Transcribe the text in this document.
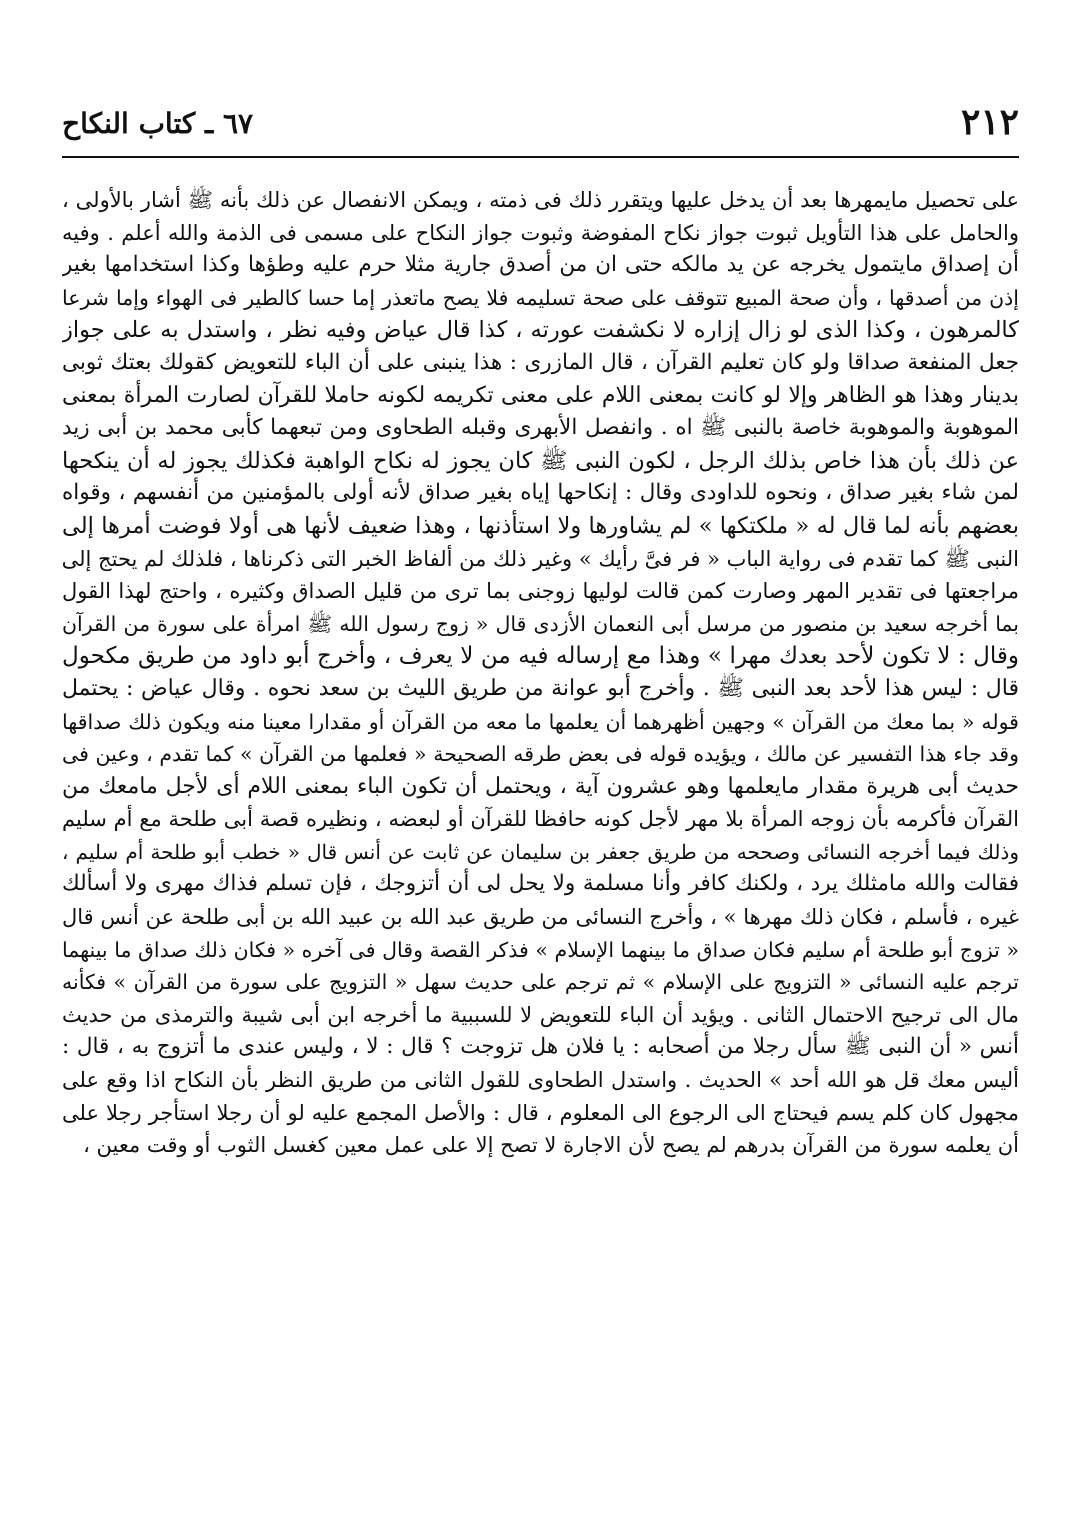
٢١٢
٦٧ ـ كتاب النكاح
على تحصيل مايمهرها بعد أن يدخل عليها ويتقرر ذلك فى ذمته ، ويمكن الانفصال عن ذلك بأنه ﷺ أشار بالأولى ،
والحامل على هذا التأويل ثبوت جواز نكاح المفوضة وثبوت جواز النكاح على مسمى فى الذمة والله أعلم . وفيه
أن إصداق مايتمول يخرجه عن يد مالكه حتى ان من أصدق جارية مثلا حرم عليه وطؤها وكذا استخدامها بغير
إذن من أصدقها ، وأن صحة المبيع تتوقف على صحة تسليمه فلا يصح ماتعذر إما حسا كالطير فى الهواء وإما شرعا
كالمرهون ، وكذا الذى لو زال إزاره لا نكشفت عورته ، كذا قال عياض وفيه نظر ، واستدل به على جواز
جعل المنفعة صداقا ولو كان تعليم القرآن ، قال المازرى : هذا ينبنى على أن الباء للتعويض كقولك بعتك ثوبى
بدينار وهذا هو الظاهر وإلا لو كانت بمعنى اللام على معنى تكريمه لكونه حاملا للقرآن لصارت المرأة بمعنى
الموهوبة والموهوبة خاصة بالنبى ﷺ اه . وانفصل الأبهرى وقبله الطحاوى ومن تبعهما كأبى محمد بن أبى زيد
عن ذلك بأن هذا خاص بذلك الرجل ، لكون النبى ﷺ كان يجوز له نكاح الواهبة فكذلك يجوز له أن ينكحها
لمن شاء بغير صداق ، ونحوه للداودى وقال : إنكاحها إياه بغير صداق لأنه أولى بالمؤمنين من أنفسهم ، وقواه
بعضهم بأنه لما قال له « ملكتكها » لم يشاورها ولا استأذنها ، وهذا ضعيف لأنها هى أولا فوضت أمرها إلى
النبى ﷺ كما تقدم فى رواية الباب « فر فىَّ رأيك » وغير ذلك من ألفاظ الخبر التى ذكرناها ، فلذلك لم يحتج إلى
مراجعتها فى تقدير المهر وصارت كمن قالت لوليها زوجنى بما ترى من قليل الصداق وكثيره ، واحتج لهذا القول
بما أخرجه سعيد بن منصور من مرسل أبى النعمان الأزدى قال « زوج رسول الله ﷺ امرأة على سورة من القرآن
وقال : لا تكون لأحد بعدك مهرا » وهذا مع إرساله فيه من لا يعرف ، وأخرج أبو داود من طريق مكحول
قال : ليس هذا لأحد بعد النبى ﷺ . وأخرج أبو عوانة من طريق الليث بن سعد نحوه . وقال عياض : يحتمل
قوله « بما معك من القرآن » وجهين أظهرهما أن يعلمها ما معه من القرآن أو مقدارا معينا منه ويكون ذلك صداقها
وقد جاء هذا التفسير عن مالك ، ويؤيده قوله فى بعض طرقه الصحيحة « فعلمها من القرآن » كما تقدم ، وعين فى
حديث أبى هريرة مقدار مايعلمها وهو عشرون آية ، ويحتمل أن تكون الباء بمعنى اللام أى لأجل مامعك من
القرآن فأكرمه بأن زوجه المرأة بلا مهر لأجل كونه حافظا للقرآن أو لبعضه ، ونظيره قصة أبى طلحة مع أم سليم
وذلك فيما أخرجه النسائى وصححه من طريق جعفر بن سليمان عن ثابت عن أنس قال « خطب أبو طلحة أم سليم ،
فقالت والله مامثلك يرد ، ولكنك كافر وأنا مسلمة ولا يحل لى أن أتزوجك ، فإن تسلم فذاك مهرى ولا أسألك
غيره ، فأسلم ، فكان ذلك مهرها » ، وأخرج النسائى من طريق عبد الله بن عبيد الله بن أبى طلحة عن أنس قال
« تزوج أبو طلحة أم سليم فكان صداق ما بينهما الإسلام » فذكر القصة وقال فى آخره « فكان ذلك صداق ما بينهما
ترجم عليه النسائى « التزويج على الإسلام » ثم ترجم على حديث سهل « التزويج على سورة من القرآن » فكأنه
مال الى ترجيح الاحتمال الثانى . ويؤيد أن الباء للتعويض لا للسببية ما أخرجه ابن أبى شيبة والترمذى من حديث
أنس « أن النبى ﷺ سأل رجلا من أصحابه : يا فلان هل تزوجت ؟ قال : لا ، وليس عندى ما أتزوج به ، قال :
أليس معك قل هو الله أحد » الحديث . واستدل الطحاوى للقول الثانى من طريق النظر بأن النكاح اذا وقع على
مجهول كان كلم يسم فيحتاج الى الرجوع الى المعلوم ، قال : والأصل المجمع عليه لو أن رجلا استأجر رجلا على
أن يعلمه سورة من القرآن بدرهم لم يصح لأن الاجارة لا تصح إلا على عمل معين كغسل الثوب أو وقت معين ،
